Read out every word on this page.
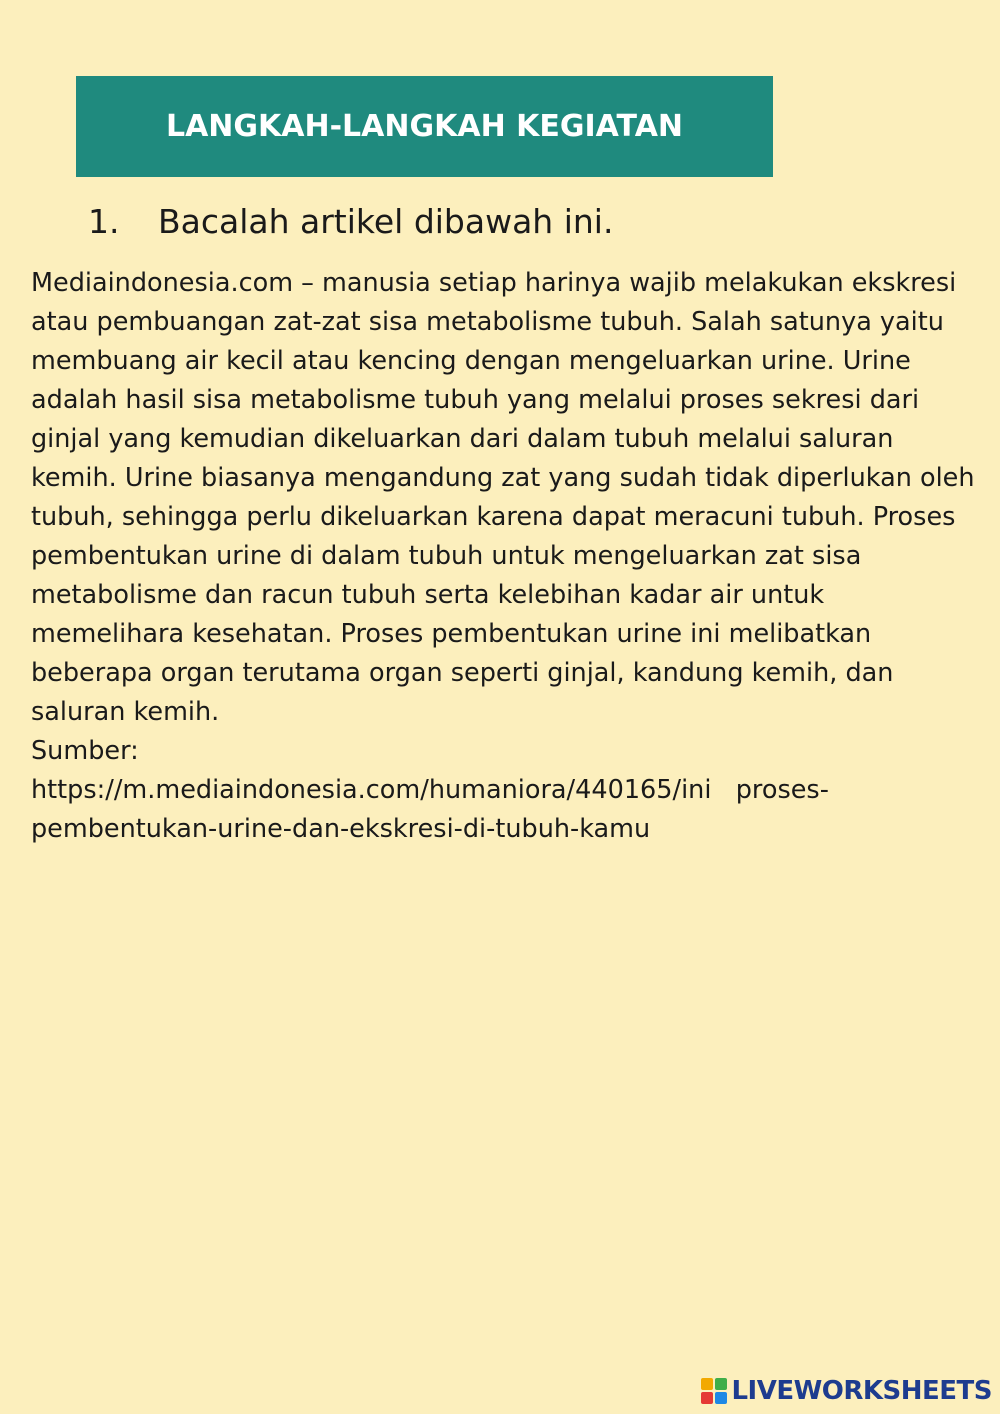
LANGKAH-LANGKAH KEGIATAN
1.	Bacalah artikel dibawah ini.

Mediaindonesia.com – manusia setiap harinya wajib melakukan ekskresi atau pembuangan zat-zat sisa metabolisme tubuh. Salah satunya yaitu membuang air kecil atau kencing dengan mengeluarkan urine. Urine adalah hasil sisa metabolisme tubuh yang melalui proses sekresi dari ginjal yang kemudian dikeluarkan dari dalam tubuh melalui saluran kemih. Urine biasanya mengandung zat yang sudah tidak diperlukan oleh tubuh, sehingga perlu dikeluarkan karena dapat meracuni tubuh. Proses pembentukan urine di dalam tubuh untuk mengeluarkan zat sisa metabolisme dan racun tubuh serta kelebihan kadar air untuk memelihara kesehatan. Proses pembentukan urine ini melibatkan beberapa organ terutama organ seperti ginjal, kandung kemih, dan saluran kemih.

Sumber:

https://m.mediaindonesia.com/humaniora/440165/ini   proses-

pembentukan-urine-dan-ekskresi-di-tubuh-kamu

LIVEWORKSHEETS
